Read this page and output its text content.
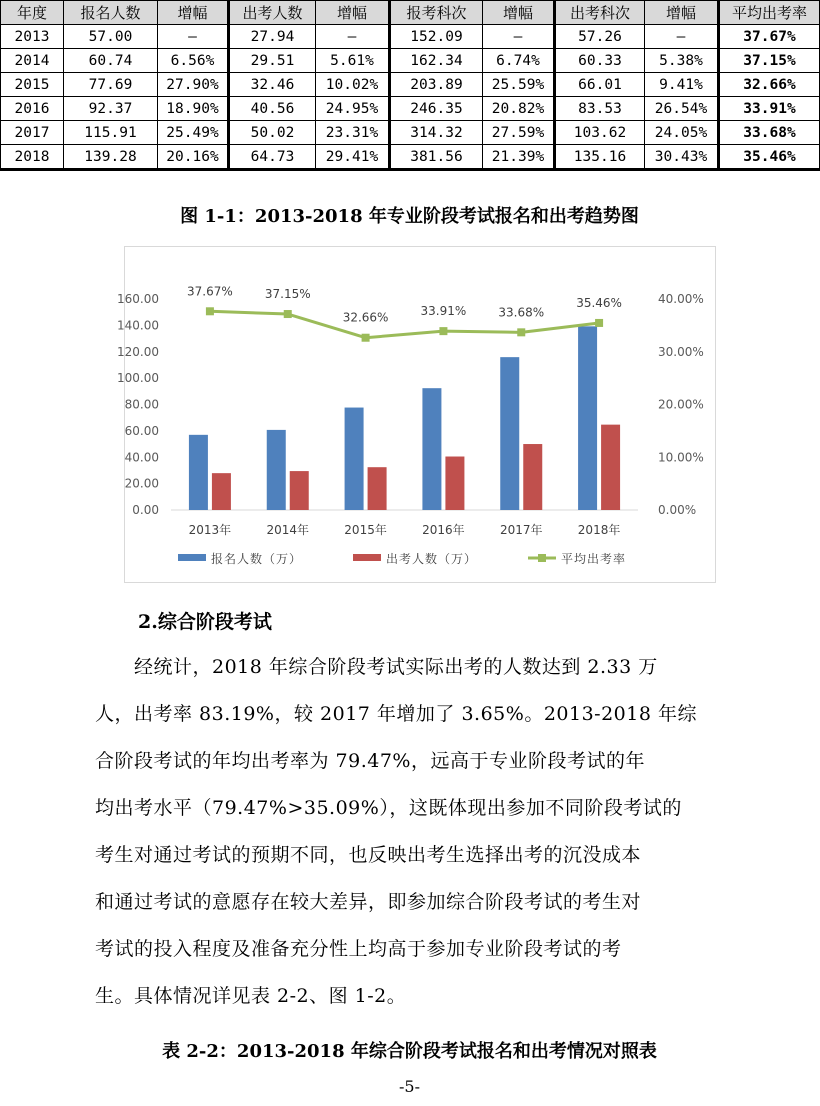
年度	报名人数	增幅	出考人数	增幅	报考科次	增幅	出考科次	增幅	平均出考率
2013	57.00	—	27.94	—	152.09	—	57.26	—	37.67%
2014	60.74	6.56%	29.51	5.61%	162.34	6.74%	60.33	5.38%	37.15%
2015	77.69	27.90%	32.46	10.02%	203.89	25.59%	66.01	9.41%	32.66%
2016	92.37	18.90%	40.56	24.95%	246.35	20.82%	83.53	26.54%	33.91%
2017	115.91	25.49%	50.02	23.31%	314.32	27.59%	103.62	24.05%	33.68%
2018	139.28	20.16%	64.73	29.41%	381.56	21.39%	135.16	30.43%	35.46%
图 1-1：2013-2018 年专业阶段考试报名和出考趋势图
0.00
20.00
40.00
60.00
80.00
100.00
120.00
140.00
160.00
0.00%
10.00%
20.00%
30.00%
40.00%
2013年	2014年	2015年	2016年	2017年	2018年
37.67%	37.15%
32.66%	33.91%	33.68%
35.46%
报名人数（万）	出考人数（万）	平均出考率
2.综合阶段考试
　　经统计，2018 年综合阶段考试实际出考的人数达到 2.33 万
人，出考率 83.19%，较 2017 年增加了 3.65%。2013-2018 年综
合阶段考试的年均出考率为 79.47%，远高于专业阶段考试的年
均出考水平（79.47%>35.09%），这既体现出参加不同阶段考试的
考生对通过考试的预期不同，也反映出考生选择出考的沉没成本
和通过考试的意愿存在较大差异，即参加综合阶段考试的考生对
考试的投入程度及准备充分性上均高于参加专业阶段考试的考
生。具体情况详见表 2-2、图 1-2。
表 2-2：2013-2018 年综合阶段考试报名和出考情况对照表
-5-
